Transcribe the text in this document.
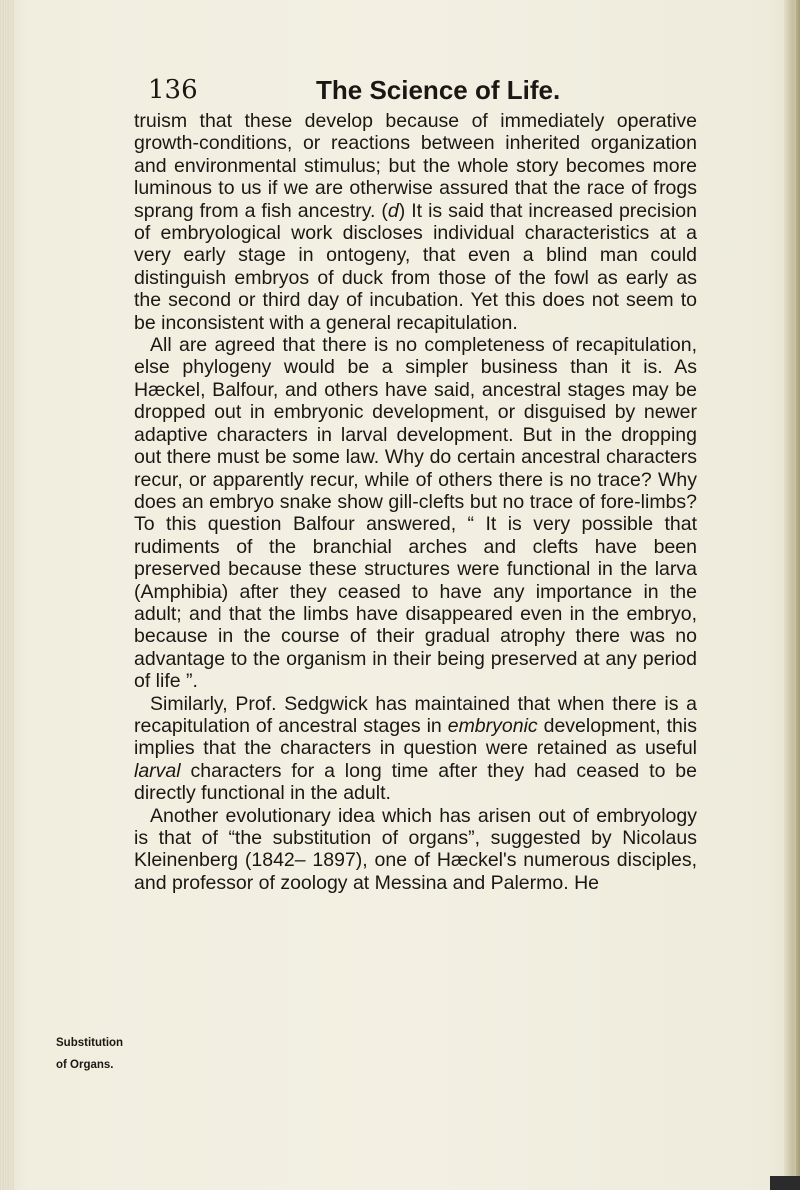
136	The Science of Life.

truism that these develop because of immediately operative growth-conditions, or reactions between inherited organization and environmental stimulus; but the whole story becomes more luminous to us if we are otherwise assured that the race of frogs sprang from a fish ancestry. (d) It is said that increased precision of embryological work discloses individual characteristics at a very early stage in ontogeny, that even a blind man could distinguish embryos of duck from those of the fowl as early as the second or third day of incubation. Yet this does not seem to be inconsistent with a general recapitulation.

All are agreed that there is no completeness of recapitulation, else phylogeny would be a simpler business than it is. As Hæckel, Balfour, and others have said, ancestral stages may be dropped out in embryonic development, or disguised by newer adaptive characters in larval development. But in the dropping out there must be some law. Why do certain ancestral characters recur, or apparently recur, while of others there is no trace? Why does an embryo snake show gill-clefts but no trace of fore-limbs? To this question Balfour answered, “ It is very possible that rudiments of the branchial arches and clefts have been preserved because these structures were functional in the larva (Amphibia) after they ceased to have any importance in the adult; and that the limbs have disappeared even in the embryo, because in the course of their gradual atrophy there was no advantage to the organism in their being preserved at any period of life ”.

Similarly, Prof. Sedgwick has maintained that when there is a recapitulation of ancestral stages in embryonic development, this implies that the characters in question were retained as useful larval characters for a long time after they had ceased to be directly functional in the adult.

Another evolutionary idea which has arisen out of embryology is that of “the substitution of organs”, suggested by Nicolaus Kleinenberg (1842– 1897), one of Hæckel's numerous disciples, and professor of zoology at Messina and Palermo. He

Substitution
of Organs.
